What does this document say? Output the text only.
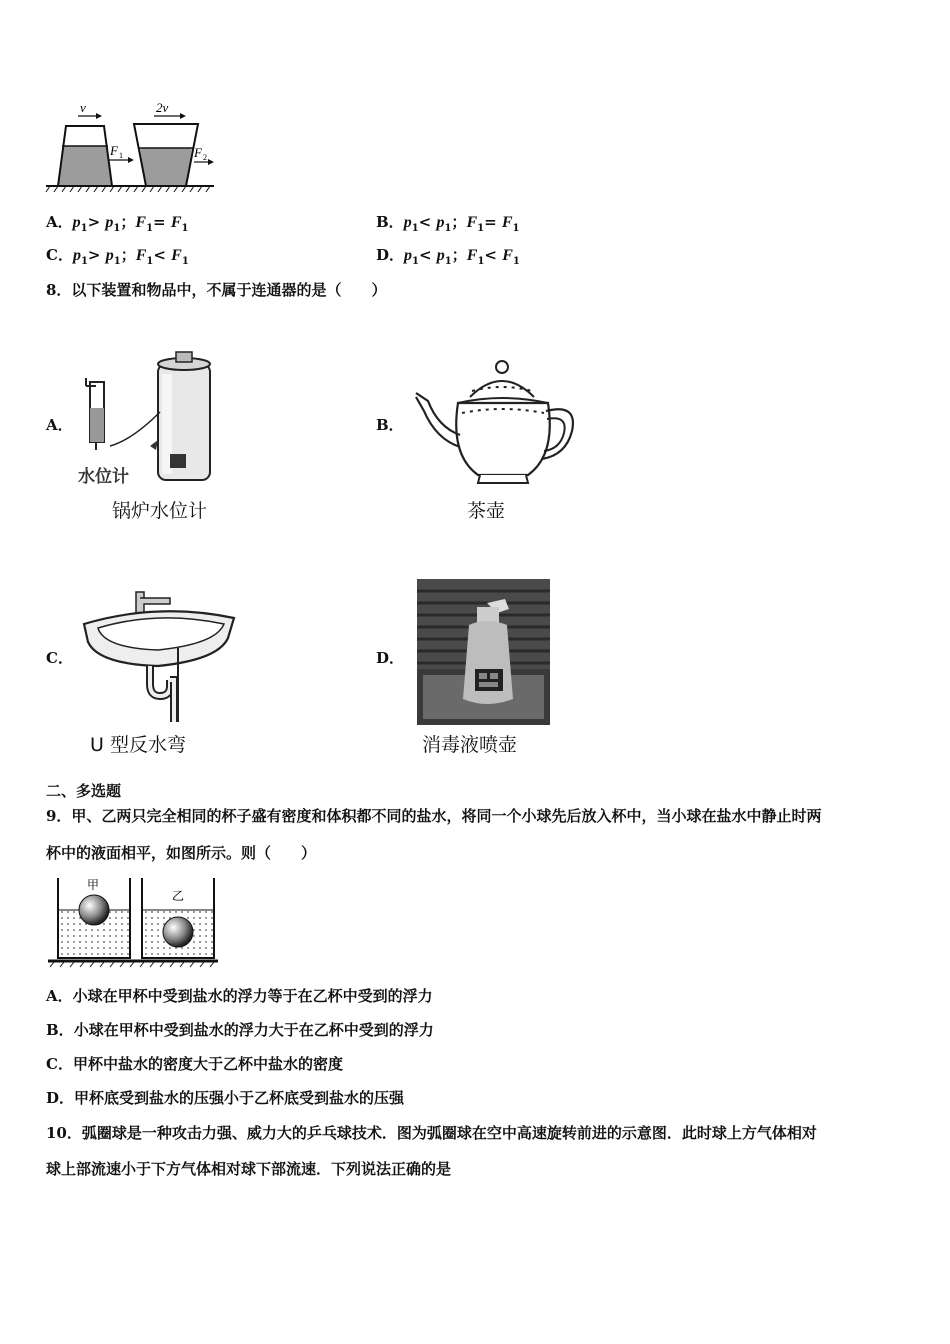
v	2v
F 1	F 2
A．$p_1> p_1$；$F_1= F_1$	B．$p_1< p_1$；$F_1= F_1$
C．$p_1> p_1$；$F_1< F_1$	D．$p_1< p_1$；$F_1< F_1$
8．以下装置和物品中，不属于连通器的是（　　）
A．
水位计
锅炉水位计
B．
茶壶
C．
U 型反水弯
D．
消毒液喷壶
二、多选题
9．甲、乙两只完全相同的杯子盛有密度和体积都不同的盐水，将同一个小球先后放入杯中，当小球在盐水中静止时两
杯中的液面相平，如图所示。则（　　）
甲
乙
A．小球在甲杯中受到盐水的浮力等于在乙杯中受到的浮力
B．小球在甲杯中受到盐水的浮力大于在乙杯中受到的浮力
C．甲杯中盐水的密度大于乙杯中盐水的密度
D．甲杯底受到盐水的压强小于乙杯底受到盐水的压强
10．弧圈球是一种攻击力强、威力大的乒乓球技术．图为弧圈球在空中高速旋转前进的示意图．此时球上方气体相对
球上部流速小于下方气体相对球下部流速．下列说法正确的是
